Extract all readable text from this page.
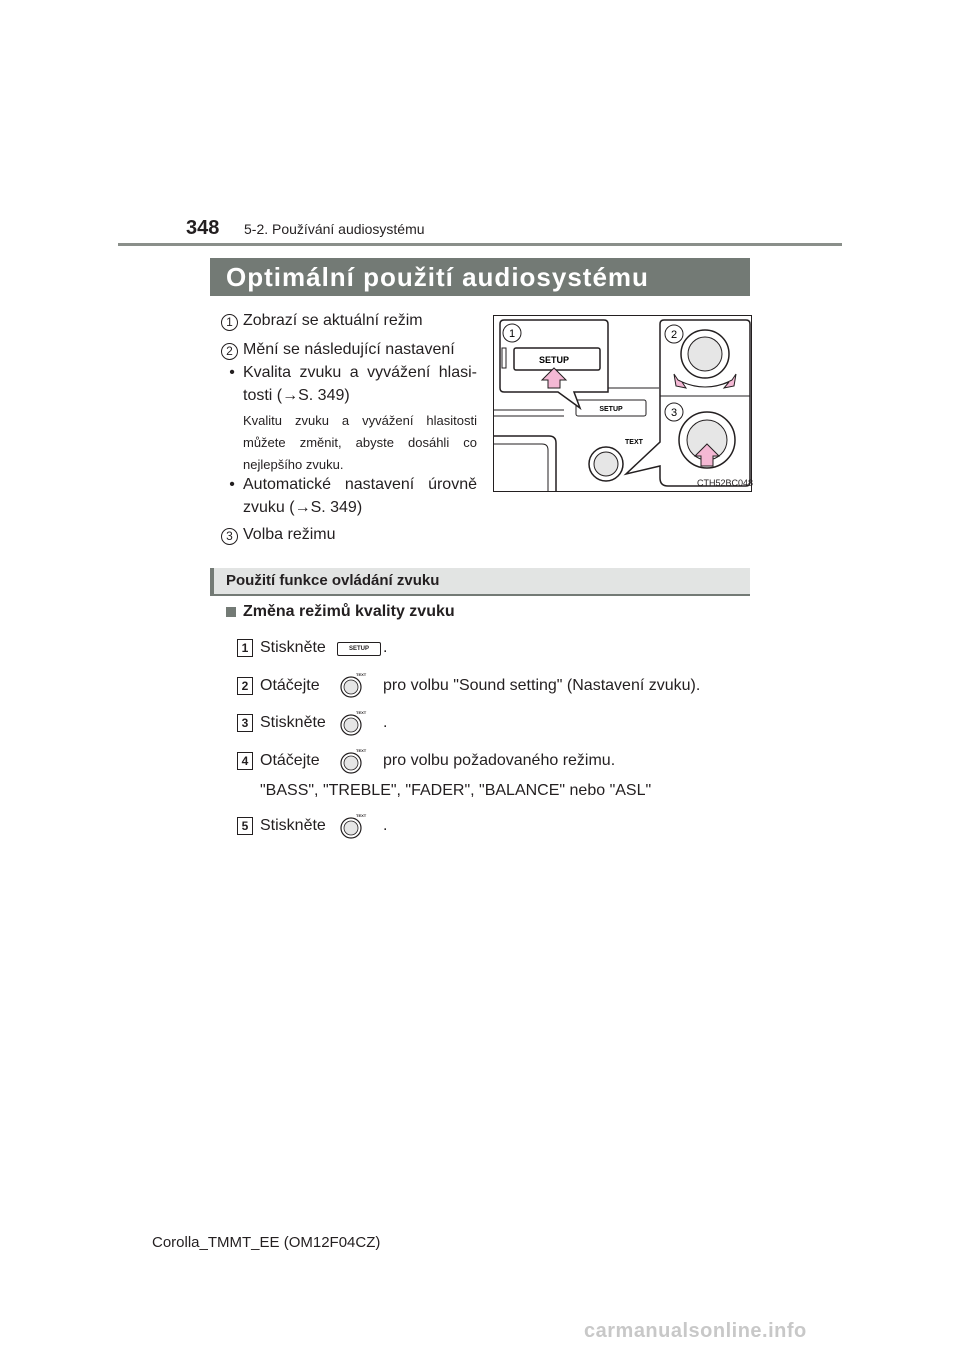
348 5-2. Používání audiosystému
Optimální použití audiosystému
1 Zobrazí se aktuální režim
2 Mění se následující nastavení
• Kvalita zvuku a vyvážení hlasi-
tosti (→S. 349)
Kvalitu zvuku a vyvážení hlasitosti
můžete změnit, abyste dosáhli co
nejlepšího zvuku.
• Automatické nastavení úrovně
zvuku (→S. 349)
3 Volba režimu
SETUP
TEXT
1
SETUP
2
3
CTH52BC048
Použití funkce ovládání zvuku
Změna režimů kvality zvuku
1 Stiskněte	SETUP .
2 Otáčejte
TEXT
pro volbu "Sound setting" (Nastavení zvuku).
3 Stiskněte
TEXT
.
4 Otáčejte
TEXT
pro volbu požadovaného režimu.
"BASS", "TREBLE", "FADER", "BALANCE" nebo "ASL"
5 Stiskněte
TEXT
.
Corolla_TMMT_EE (OM12F04CZ)
carmanualsonline.info
